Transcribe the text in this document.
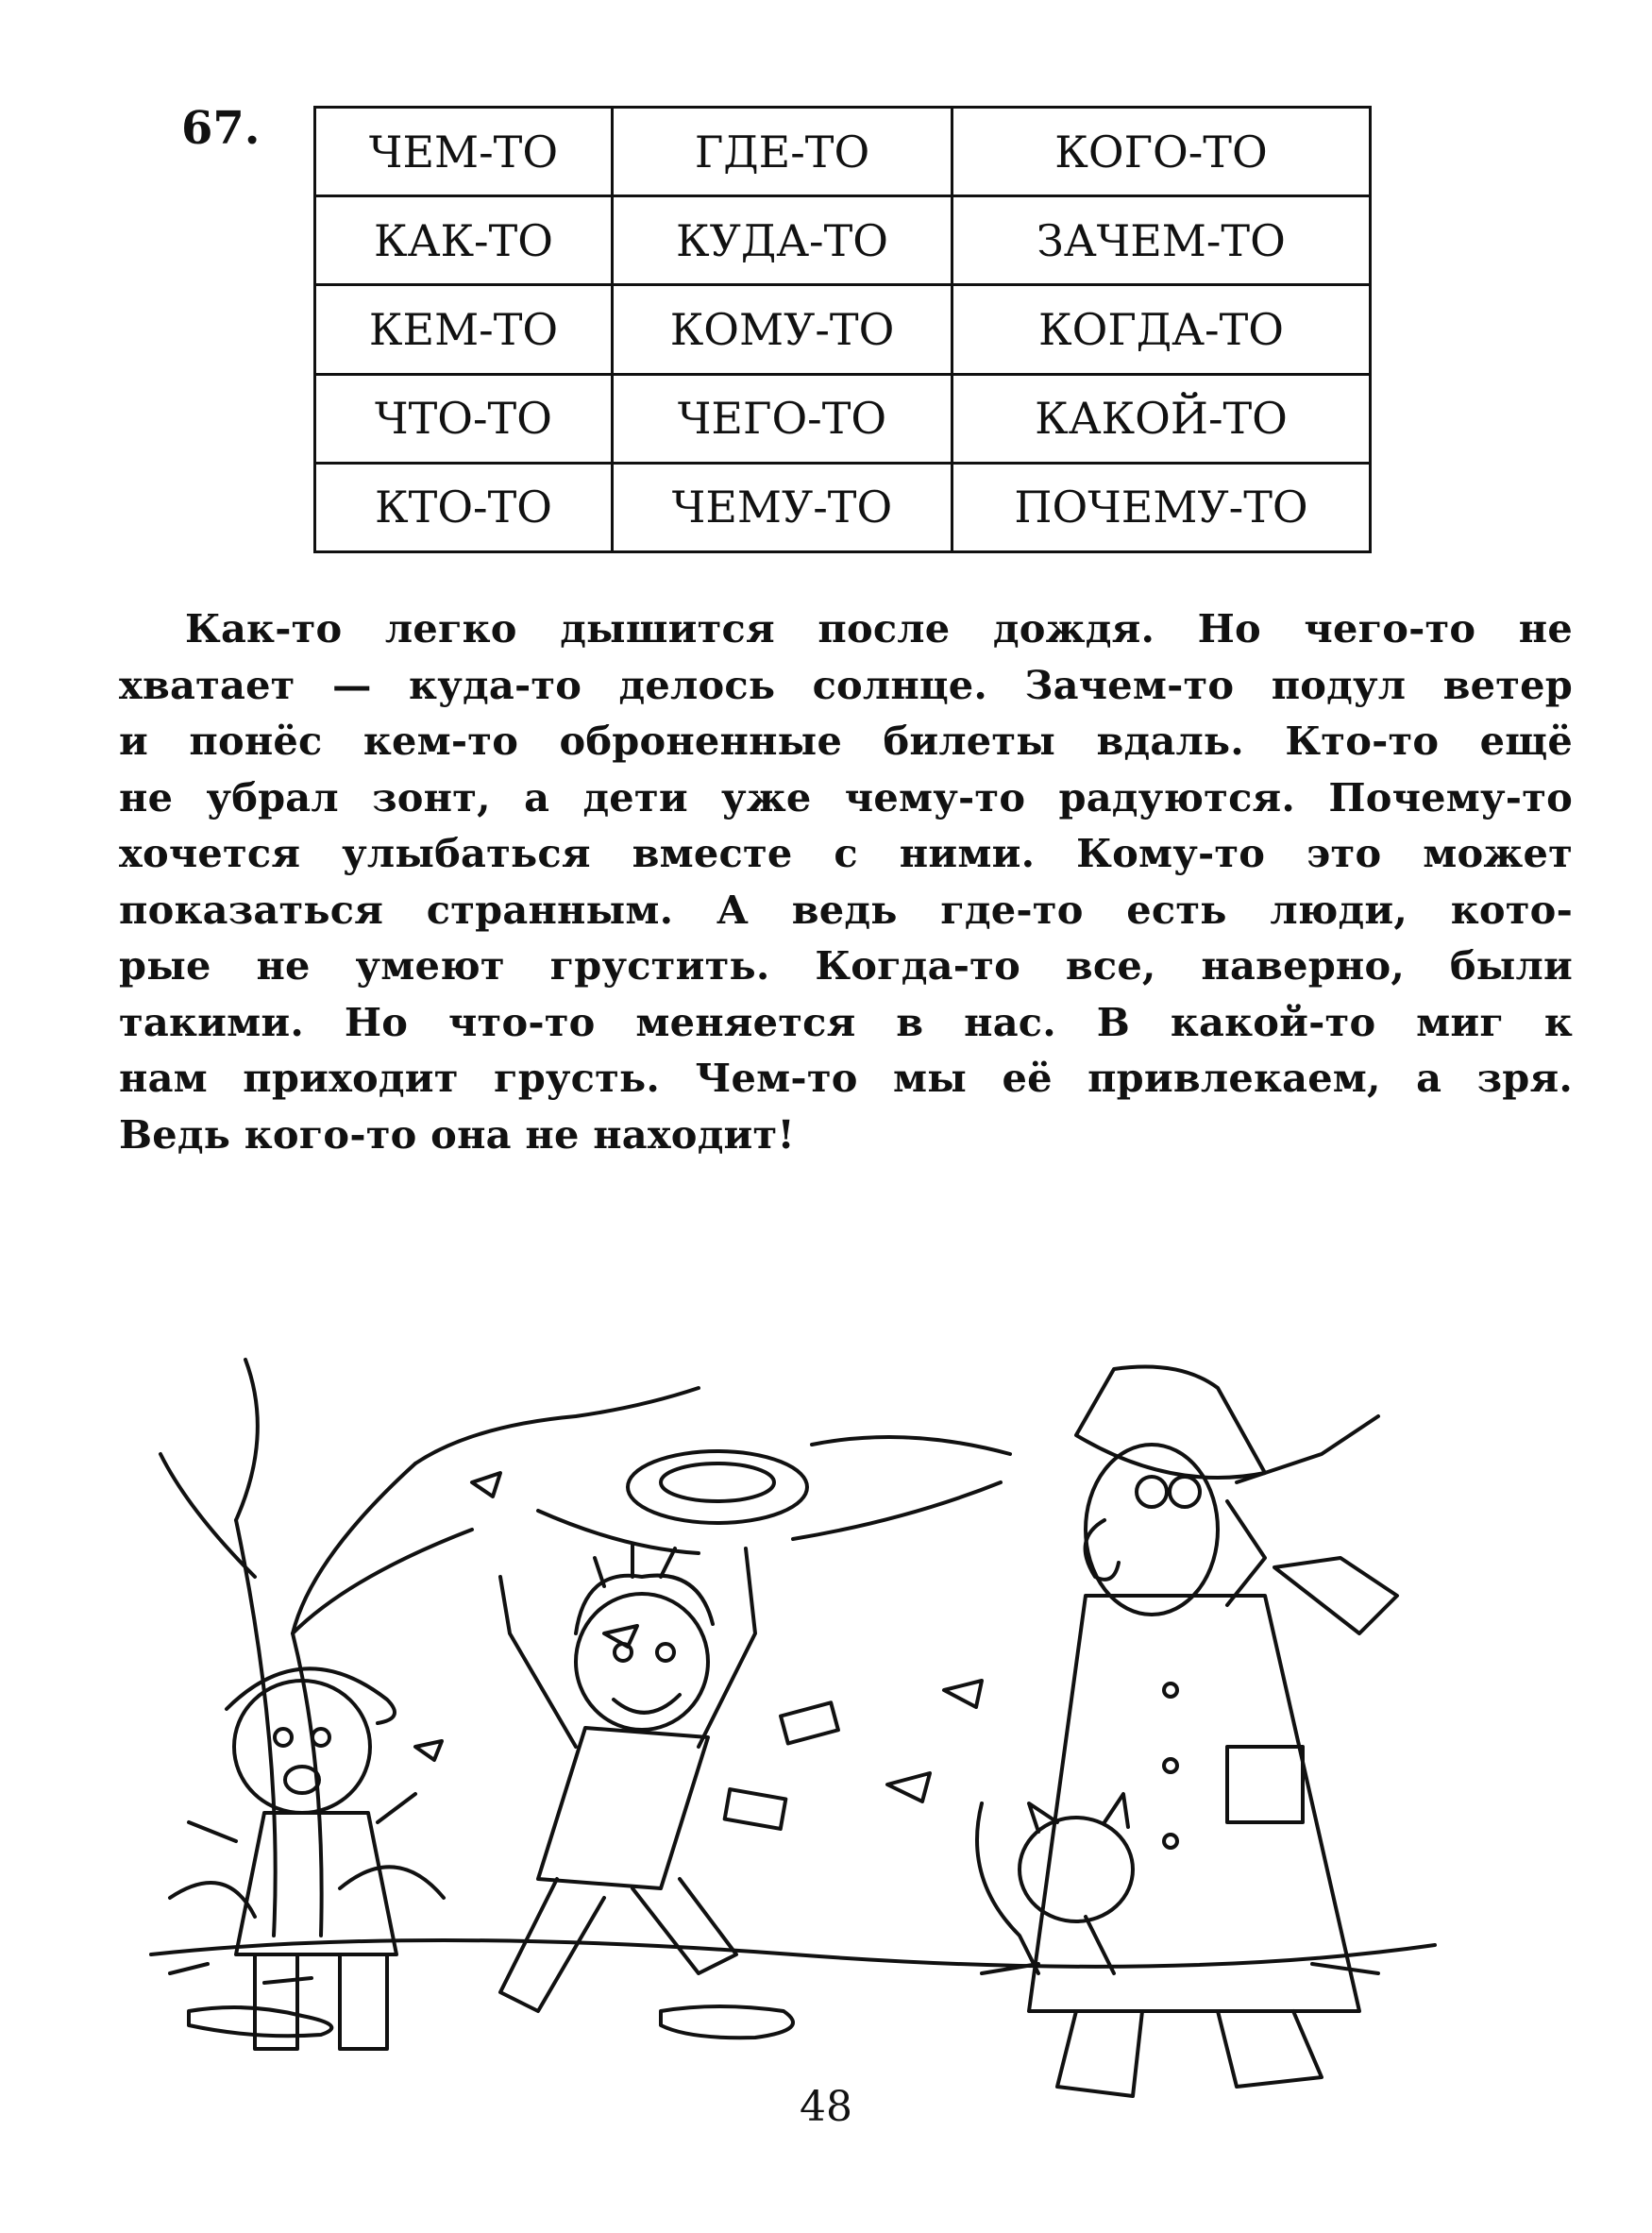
67.	ЧЕМ-ТО	ГДЕ-ТО	КОГО-ТО
КАК-ТО	КУДА-ТО	ЗАЧЕМ-ТО
КЕМ-ТО	КОМУ-ТО	КОГДА-ТО
ЧТО-ТО	ЧЕГО-ТО	КАКОЙ-ТО
КТО-ТО	ЧЕМУ-ТО	ПОЧЕМУ-ТО
Как-то легко дышится после дождя. Но чего-то не
хватает — куда-то делось солнце. Зачем-то подул ветер
и понёс кем-то оброненные билеты вдаль. Кто-то ещё
не убрал зонт, а дети уже чему-то радуются. Почему-то
хочется улыбаться вместе с ними. Кому-то это может
показаться странным. А ведь где-то есть люди, кото-
рые не умеют грустить. Когда-то все, наверно, были
такими. Но что-то меняется в нас. В какой-то миг к
нам приходит грусть. Чем-то мы её привлекаем, а зря.
Ведь кого-то она не находит!
48
